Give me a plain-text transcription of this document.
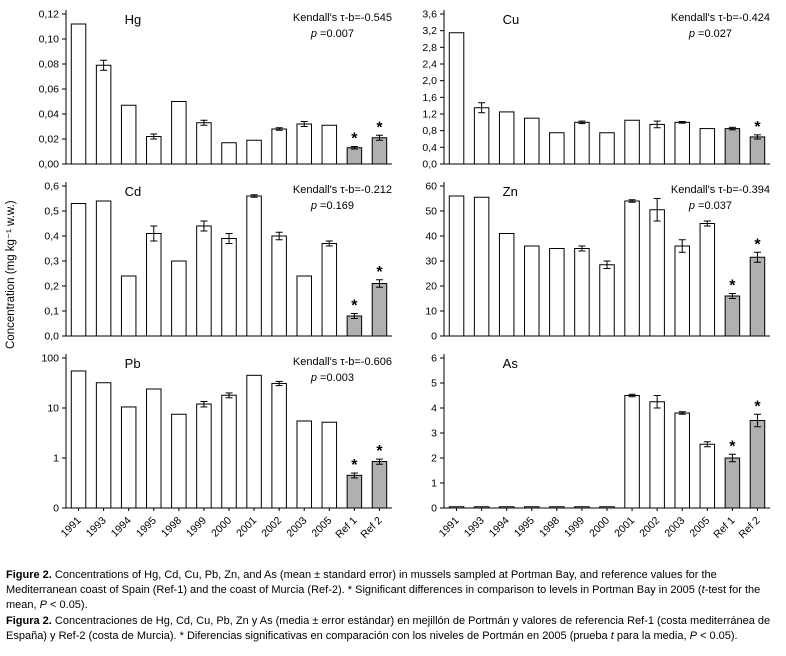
Concentration (mg kg⁻¹ w.w.)
0,00
0,02
0,04
0,06
0,08
0,10
0,12	Hg	Kendall's τ-b=-0.545
p =0.007
*
*
0,0
0,4
0,8
1,2
1,6
2,0
2,4
2,8
3,2
3,6	Cu	Kendall's τ-b=-0.424
p =0.027
*
0,0
0,1
0,2
0,3
0,4
0,5
0,6	Cd	Kendall's τ-b=-0.212
p =0.169
*
*
0
10
20
30
40
50
60	Zn	Kendall's τ-b=-0.394
p =0.037
*
*
0
1
10
100	Pb	Kendall's τ-b=-0.606
p =0.003
1991 1993 1994 1995 1998 1999 2000 2001 2002 2003 2005
*
Ref 1
*
Ref 2
0
1
2
3
4
5
6	As
1991 1993 1994 1995 1998 1999 2000 2001 2002 2003 2005
*
Ref 1
*
Ref 2

Figure 2. Concentrations of Hg, Cd, Cu, Pb, Zn, and As (mean ± standard error) in mussels sampled at Portman Bay, and reference values for the Mediterranean coast of Spain (Ref-1) and the coast of Murcia (Ref-2). * Significant differences in comparison to levels in Portman Bay in 2005 (t-test for the mean, P < 0.05).

Figura 2. Concentraciones de Hg, Cd, Cu, Pb, Zn y As (media ± error estándar) en mejillón de Portmán y valores de referencia Ref-1 (costa mediterránea de España) y Ref-2 (costa de Murcia). * Diferencias significativas en comparación con los niveles de Portmán en 2005 (prueba t para la media, P < 0.05).
